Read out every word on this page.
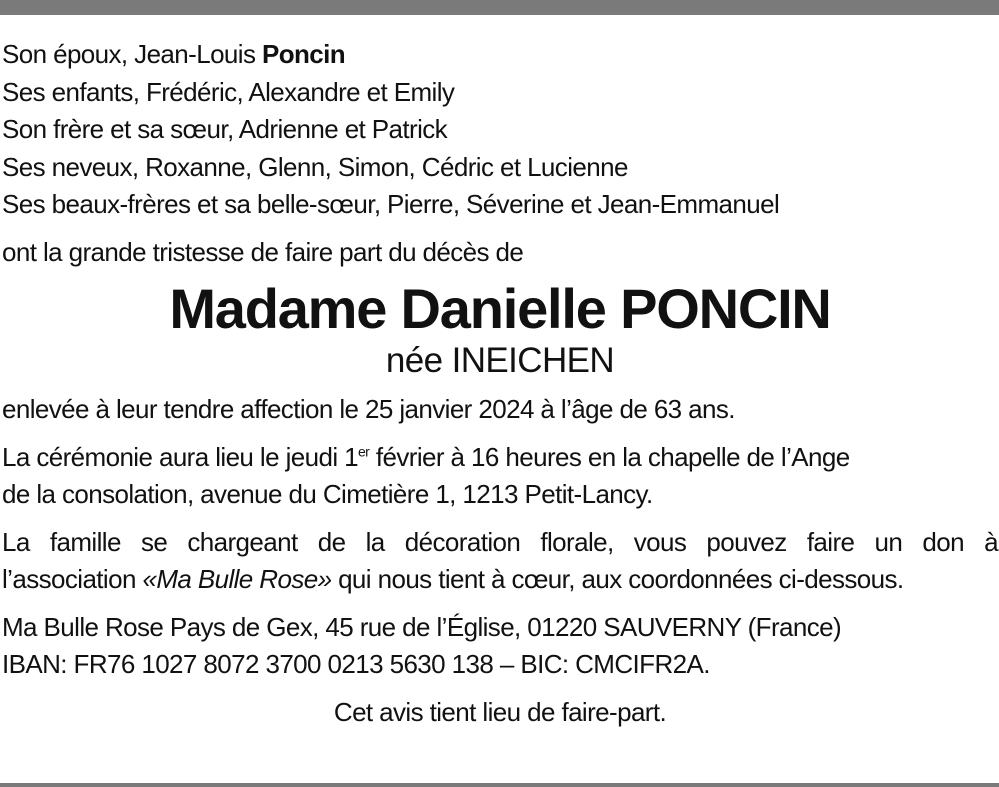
Son époux, Jean-Louis Poncin
Ses enfants, Frédéric, Alexandre et Emily
Son frère et sa sœur, Adrienne et Patrick
Ses neveux, Roxanne, Glenn, Simon, Cédric et Lucienne
Ses beaux-frères et sa belle-sœur, Pierre, Séverine et Jean-Emmanuel
ont la grande tristesse de faire part du décès de
Madame Danielle PONCIN
née INEICHEN
enlevée à leur tendre affection le 25 janvier 2024 à l’âge de 63 ans.
La cérémonie aura lieu le jeudi 1er février à 16 heures en la chapelle de l’Ange
de la consolation, avenue du Cimetière 1, 1213 Petit-Lancy.
La famille se chargeant de la décoration florale, vous pouvez faire un don à
l’association «Ma Bulle Rose» qui nous tient à cœur, aux coordonnées ci-dessous.
Ma Bulle Rose Pays de Gex, 45 rue de l’Église, 01220 SAUVERNY (France)
IBAN: FR76 1027 8072 3700 0213 5630 138 – BIC: CMCIFR2A.
Cet avis tient lieu de faire-part.
